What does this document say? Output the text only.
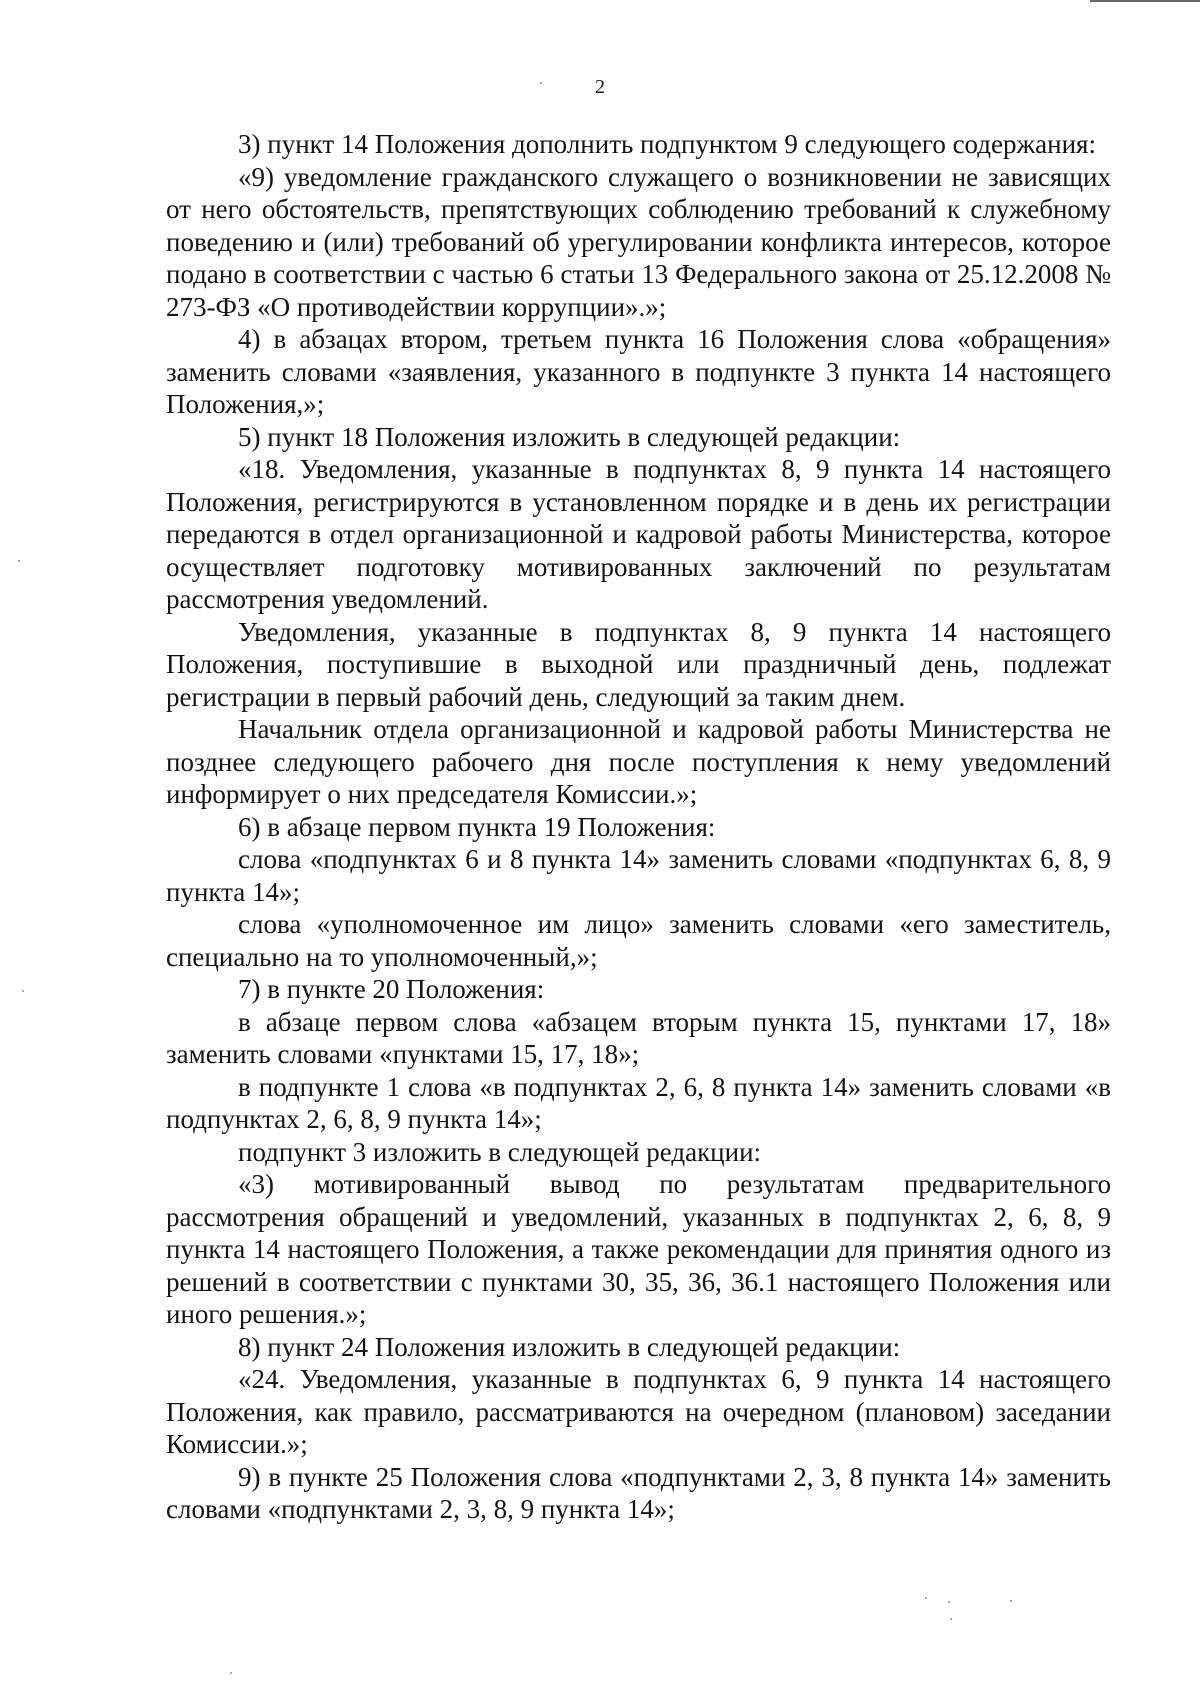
2

3) пункт 14 Положения дополнить подпунктом 9 следующего содержания:

«9) уведомление гражданского служащего о возникновении не зависящих от него обстоятельств, препятствующих соблюдению требований к служебному поведению и (или) требований об урегулировании конфликта интересов, которое подано в соответствии с частью 6 статьи 13 Федерального закона от 25.12.2008 № 273-ФЗ «О противодействии коррупции».»;

4) в абзацах втором, третьем пункта 16 Положения слова «обращения» заменить словами «заявления, указанного в подпункте 3 пункта 14 настоящего Положения,»;

5) пункт 18 Положения изложить в следующей редакции:

«18. Уведомления, указанные в подпунктах 8, 9 пункта 14 настоящего Положения, регистрируются в установленном порядке и в день их регистрации передаются в отдел организационной и кадровой работы Министерства, которое осуществляет подготовку мотивированных заключений по результатам рассмотрения уведомлений.

Уведомления, указанные в подпунктах 8, 9 пункта 14 настоящего Положения, поступившие в выходной или праздничный день, подлежат регистрации в первый рабочий день, следующий за таким днем.

Начальник отдела организационной и кадровой работы Министерства не позднее следующего рабочего дня после поступления к нему уведомлений информирует о них председателя Комиссии.»;

6) в абзаце первом пункта 19 Положения:

слова «подпунктах 6 и 8 пункта 14» заменить словами «подпунктах 6, 8, 9 пункта 14»;

слова «уполномоченное им лицо» заменить словами «его заместитель, специально на то уполномоченный,»;

7) в пункте 20 Положения:

в абзаце первом слова «абзацем вторым пункта 15, пунктами 17, 18» заменить словами «пунктами 15, 17, 18»;

в подпункте 1 слова «в подпунктах 2, 6, 8 пункта 14» заменить словами «в подпунктах 2, 6, 8, 9 пункта 14»;

подпункт 3 изложить в следующей редакции:

«3) мотивированный вывод по результатам предварительного рассмотрения обращений и уведомлений, указанных в подпунктах 2, 6, 8, 9 пункта 14 настоящего Положения, а также рекомендации для принятия одного из решений в соответствии с пунктами 30, 35, 36, 36.1 настоящего Положения или иного решения.»;

8) пункт 24 Положения изложить в следующей редакции:

«24. Уведомления, указанные в подпунктах 6, 9 пункта 14 настоящего Положения, как правило, рассматриваются на очередном (плановом) заседании Комиссии.»;

9) в пункте 25 Положения слова «подпунктами 2, 3, 8 пункта 14» заменить словами «подпунктами 2, 3, 8, 9 пункта 14»;
